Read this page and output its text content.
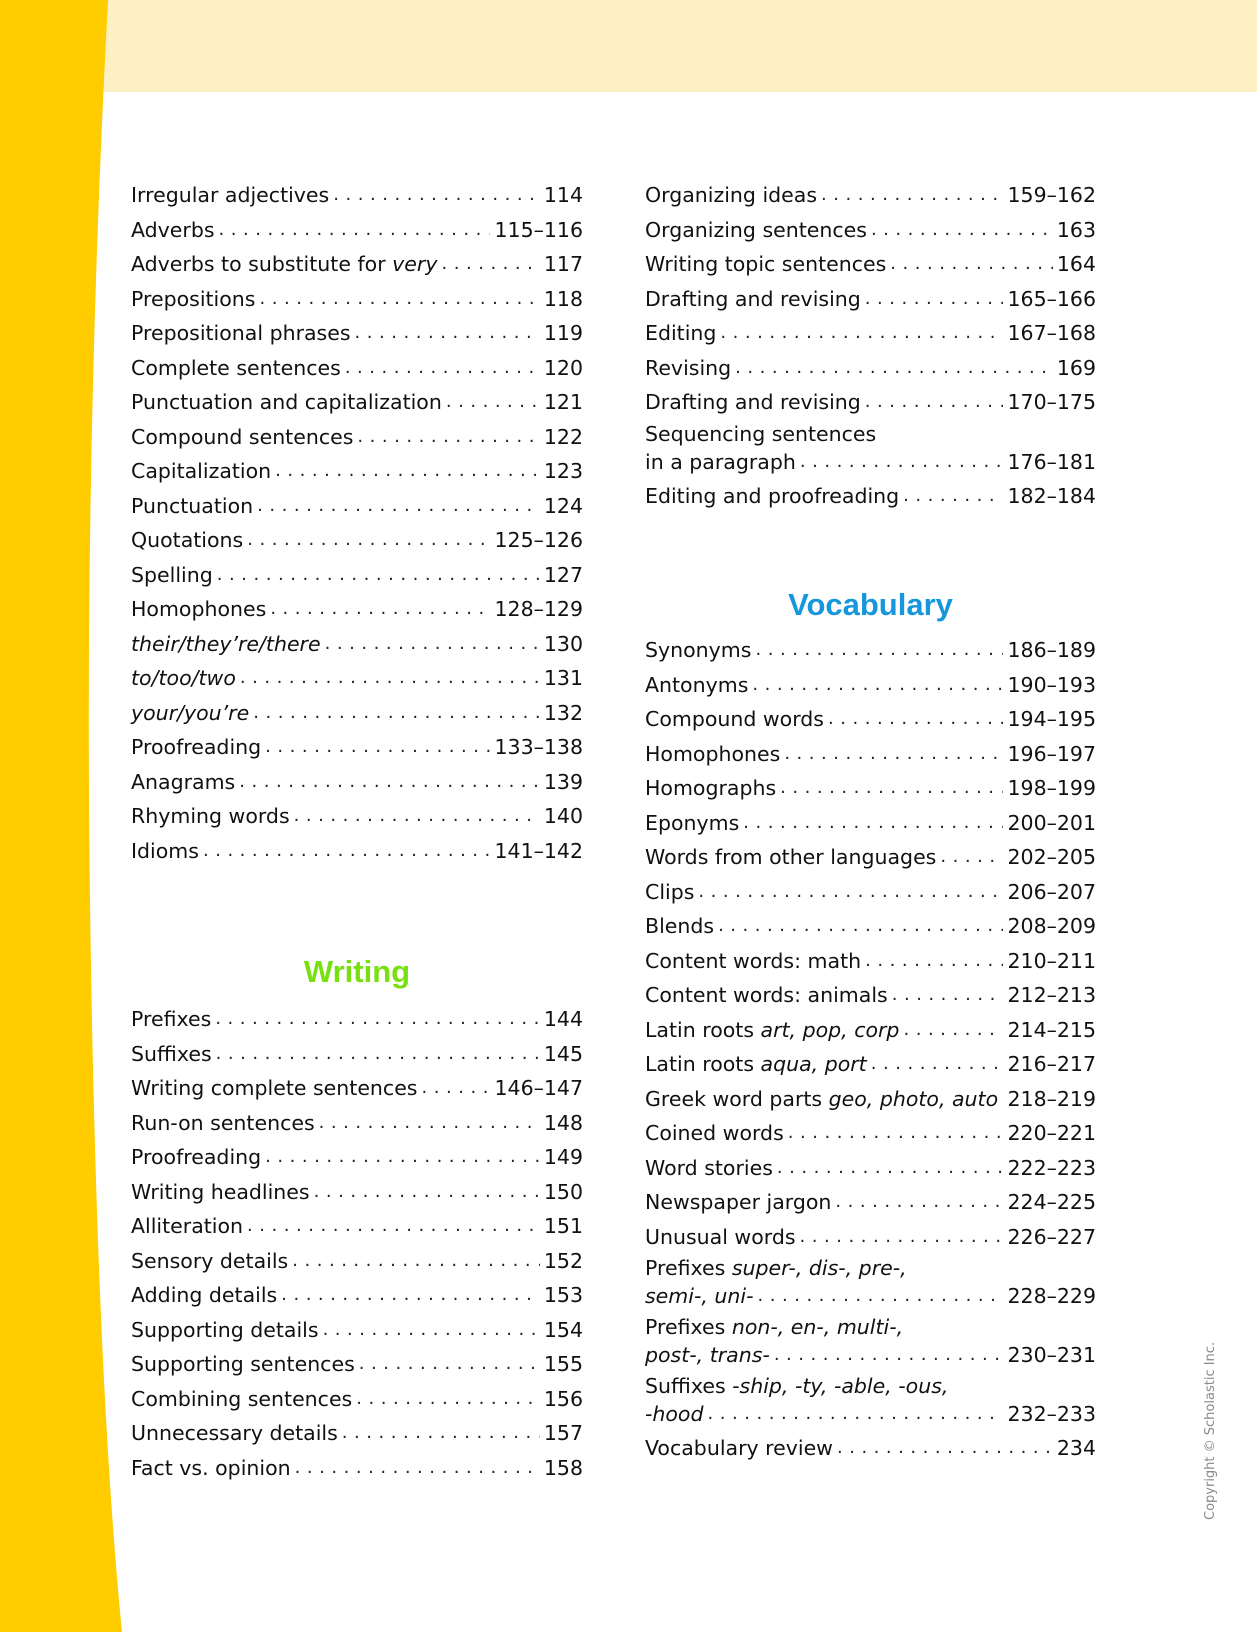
Irregular adjectives . . .	114
Adverbs . . .	115–116
Adverbs to substitute for very . . .	117
Prepositions . . .	118
Prepositional phrases . . .	119
Complete sentences . . .	120
Punctuation and capitalization . . .	121
Compound sentences . . .	122
Capitalization . . .	123
Punctuation . . .	124
Quotations . . .	125–126
Spelling . . .	127
Homophones . . .	128–129
their/they’re/there . . .	130
to/too/two . . .	131
your/you’re . . .	132
Proofreading . . .	133–138
Anagrams . . .	139
Rhyming words . . .	140
Idioms . . .	141–142
Writing
Prefixes . . .	144
Suffixes . . .	145
Writing complete sentences . . .	146–147
Run-on sentences . . .	148
Proofreading . . .	149
Writing headlines . . .	150
Alliteration . . .	151
Sensory details . . .	152
Adding details . . .	153
Supporting details . . .	154
Supporting sentences . . .	155
Combining sentences . . .	156
Unnecessary details . . .	157
Fact vs. opinion . . .	158
Organizing ideas . . .	159–162
Organizing sentences . . .	163
Writing topic sentences . . .	164
Drafting and revising . . .	165–166
Editing . . .	167–168
Revising . . .	169
Drafting and revising . . .	170–175
Sequencing sentences
in a paragraph . . .	176–181
Editing and proofreading . . .	182–184
Vocabulary
Synonyms . . .	186–189
Antonyms . . .	190–193
Compound words . . .	194–195
Homophones . . .	196–197
Homographs . . .	198–199
Eponyms . . .	200–201
Words from other languages . . .	202–205
Clips . . .	206–207
Blends . . .	208–209
Content words: math . . .	210–211
Content words: animals . . .	212–213
Latin roots art, pop, corp . . .	214–215
Latin roots aqua, port . . .	216–217
Greek word parts geo, photo, auto . . . 218–219
Coined words . . .	220–221
Word stories . . .	222–223
Newspaper jargon . . .	224–225
Unusual words . . .	226–227
Prefixes super-, dis-, pre-,
semi-, uni- . . .	228–229
Prefixes non-, en-, multi-,
post-, trans- . . .	230–231
Suffixes -ship, -ty, -able, -ous,
-hood . . .	232–233
Vocabulary review . . .	234	Copyright © Scholastic Inc.
